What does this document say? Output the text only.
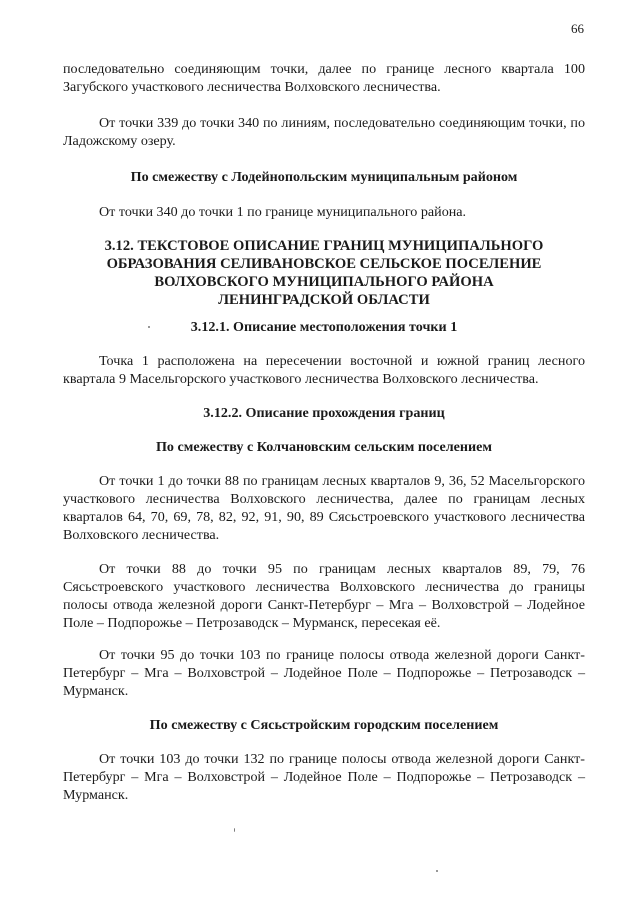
66
последовательно соединяющим точки, далее по границе лесного квартала 100 Загубского участкового лесничества Волховского лесничества.
От точки 339 до точки 340 по линиям, последовательно соединяющим точки, по Ладожскому озеру.
По смежеству с Лодейнопольским муниципальным районом
От точки 340 до точки 1 по границе муниципального района.
3.12. ТЕКСТОВОЕ ОПИСАНИЕ ГРАНИЦ МУНИЦИПАЛЬНОГО
ОБРАЗОВАНИЯ СЕЛИВАНОВСКОЕ СЕЛЬСКОЕ ПОСЕЛЕНИЕ
ВОЛХОВСКОГО МУНИЦИПАЛЬНОГО РАЙОНА
ЛЕНИНГРАДСКОЙ ОБЛАСТИ
3.12.1. Описание местоположения точки 1
Точка 1 расположена на пересечении восточной и южной границ лесного квартала 9 Масельгорского участкового лесничества Волховского лесничества.
3.12.2. Описание прохождения границ
По смежеству с Колчановским сельским поселением
От точки 1 до точки 88 по границам лесных кварталов 9, 36, 52 Масельгорского участкового лесничества Волховского лесничества, далее по границам лесных кварталов 64, 70, 69, 78, 82, 92, 91, 90, 89 Сясьстроевского участкового лесничества Волховского лесничества.
От точки 88 до точки 95 по границам лесных кварталов 89, 79, 76 Сясьстроевского участкового лесничества Волховского лесничества до границы полосы отвода железной дороги Санкт-Петербург – Мга – Волховстрой – Лодейное Поле – Подпорожье – Петрозаводск – Мурманск, пересекая её.
От точки 95 до точки 103 по границе полосы отвода железной дороги Санкт-Петербург – Мга – Волховстрой – Лодейное Поле – Подпорожье – Петрозаводск – Мурманск.
По смежеству с Сясьстройским городским поселением
От точки 103 до точки 132 по границе полосы отвода железной дороги Санкт-Петербург – Мга – Волховстрой – Лодейное Поле – Подпорожье – Петрозаводск – Мурманск.
